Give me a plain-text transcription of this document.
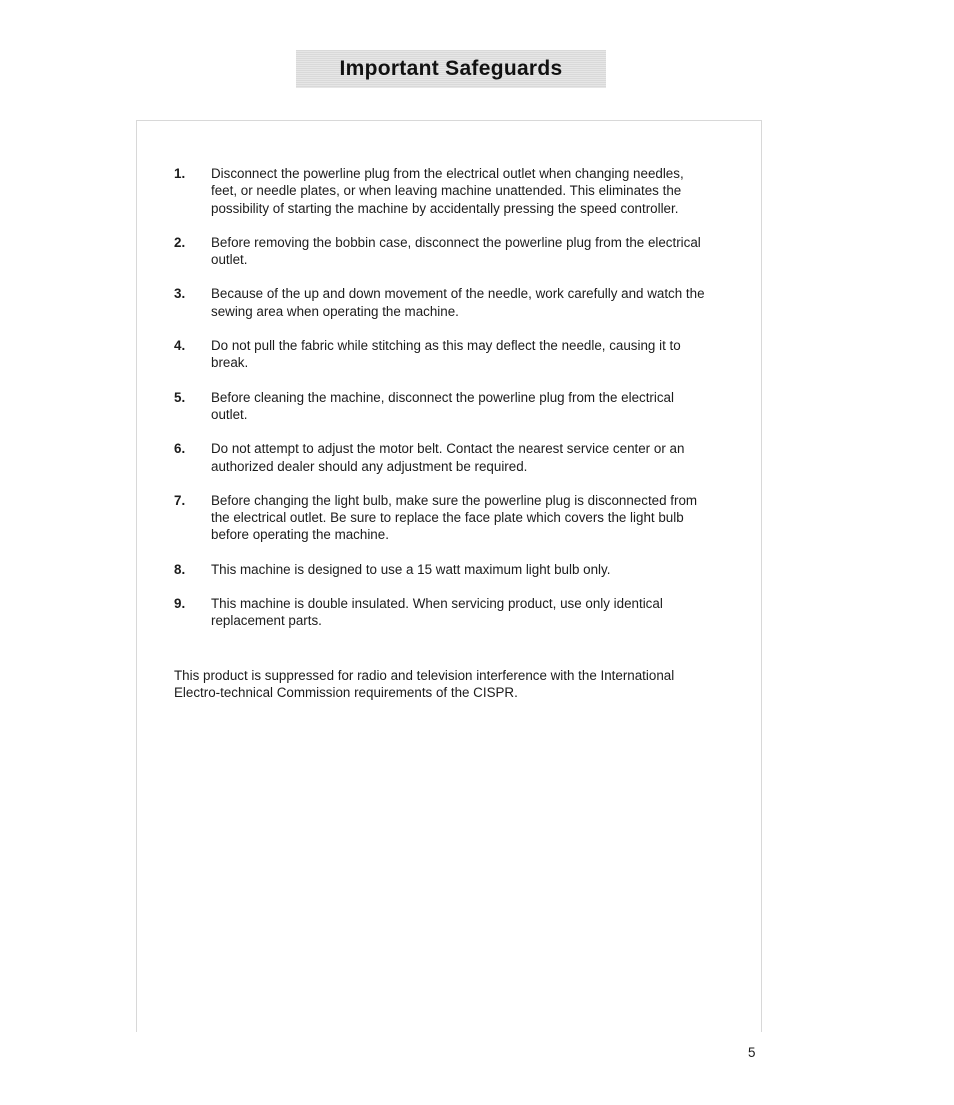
Important Safeguards
1.	Disconnect the powerline plug from the electrical outlet when changing needles, feet, or needle plates, or when leaving machine unattended. This eliminates the possibility of starting the machine by accidentally pressing the speed controller.
2.	Before removing the bobbin case, disconnect the powerline plug from the electrical outlet.
3.	Because of the up and down movement of the needle, work carefully and watch the sewing area when operating the machine.
4.	Do not pull the fabric while stitching as this may deflect the needle, causing it to break.
5.	Before cleaning the machine, disconnect the powerline plug from the electrical outlet.
6.	Do not attempt to adjust the motor belt. Contact the nearest service center or an authorized dealer should any adjustment be required.
7.	Before changing the light bulb, make sure the powerline plug is disconnected from the electrical outlet. Be sure to replace the face plate which covers the light bulb before operating the machine.
8.	This machine is designed to use a 15 watt maximum light bulb only.
9.	This machine is double insulated. When servicing product, use only identical replacement parts.

This product is suppressed for radio and television interference with the International Electro-technical Commission requirements of the CISPR.

5
